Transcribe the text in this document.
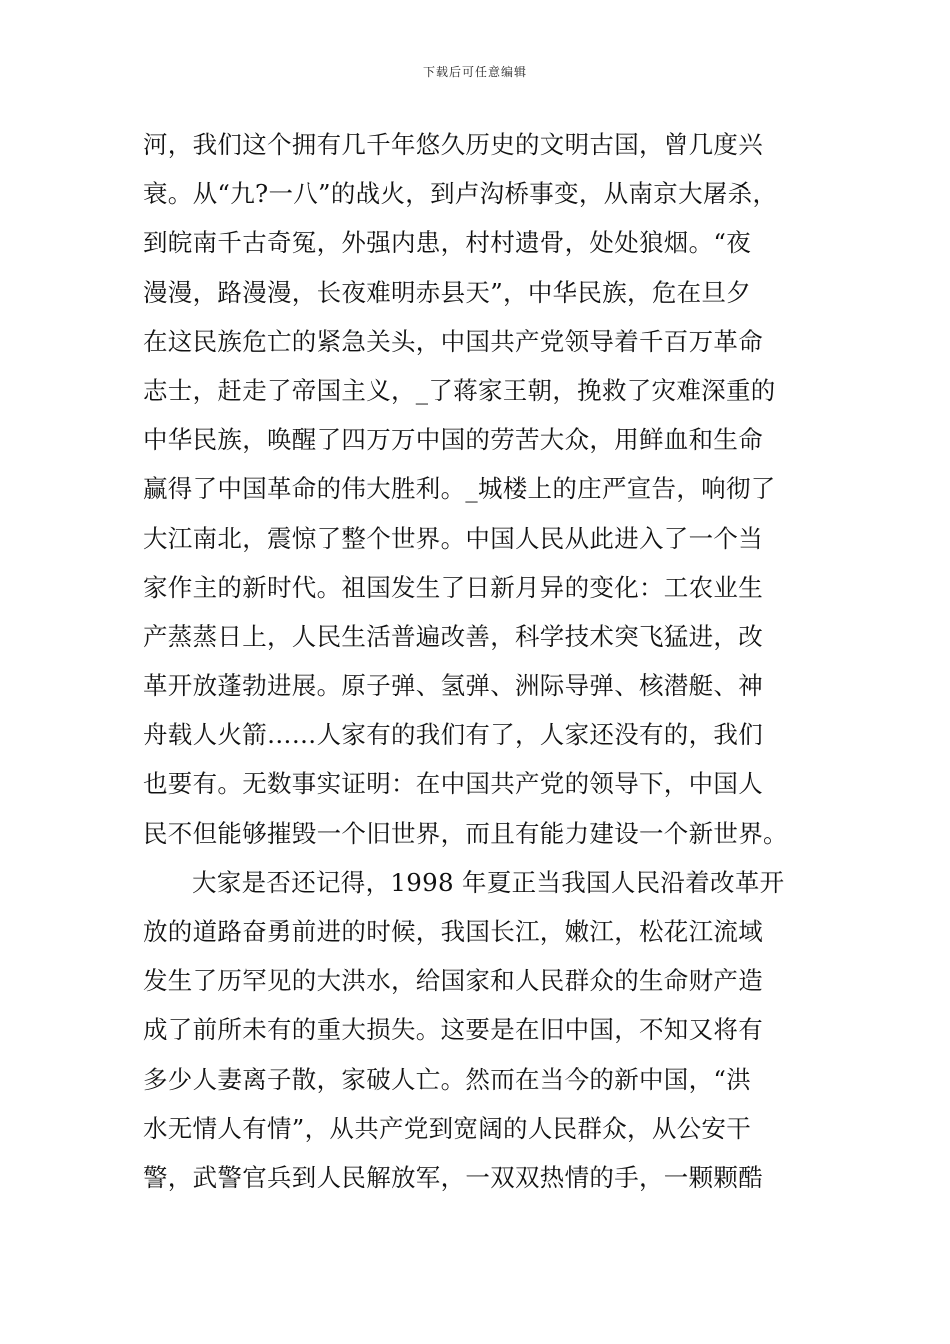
下载后可任意编辑
河，我们这个拥有几千年悠久历史的文明古国，曾几度兴
衰。从“九?一八”的战火，到卢沟桥事变，从南京大屠杀，
到皖南千古奇冤，外强内患，村村遗骨，处处狼烟。“夜
漫漫，路漫漫，长夜难明赤县天”，中华民族，危在旦夕
在这民族危亡的紧急关头，中国共产党领导着千百万革命
志士，赶走了帝国主义，_了蒋家王朝，挽救了灾难深重的
中华民族，唤醒了四万万中国的劳苦大众，用鲜血和生命
赢得了中国革命的伟大胜利。_城楼上的庄严宣告，响彻了
大江南北，震惊了整个世界。中国人民从此进入了一个当
家作主的新时代。祖国发生了日新月异的变化：工农业生
产蒸蒸日上，人民生活普遍改善，科学技术突飞猛进，改
革开放蓬勃进展。原子弹、氢弹、洲际导弹、核潜艇、神
舟载人火箭……人家有的我们有了，人家还没有的，我们
也要有。无数事实证明：在中国共产党的领导下，中国人
民不但能够摧毁一个旧世界，而且有能力建设一个新世界。
大家是否还记得，1998 年夏正当我国人民沿着改革开
放的道路奋勇前进的时候，我国长江，嫩江，松花江流域
发生了历罕见的大洪水，给国家和人民群众的生命财产造
成了前所未有的重大损失。这要是在旧中国，不知又将有
多少人妻离子散，家破人亡。然而在当今的新中国，“洪
水无情人有情”，从共产党到宽阔的人民群众，从公安干
警，武警官兵到人民解放军，一双双热情的手，一颗颗酷
